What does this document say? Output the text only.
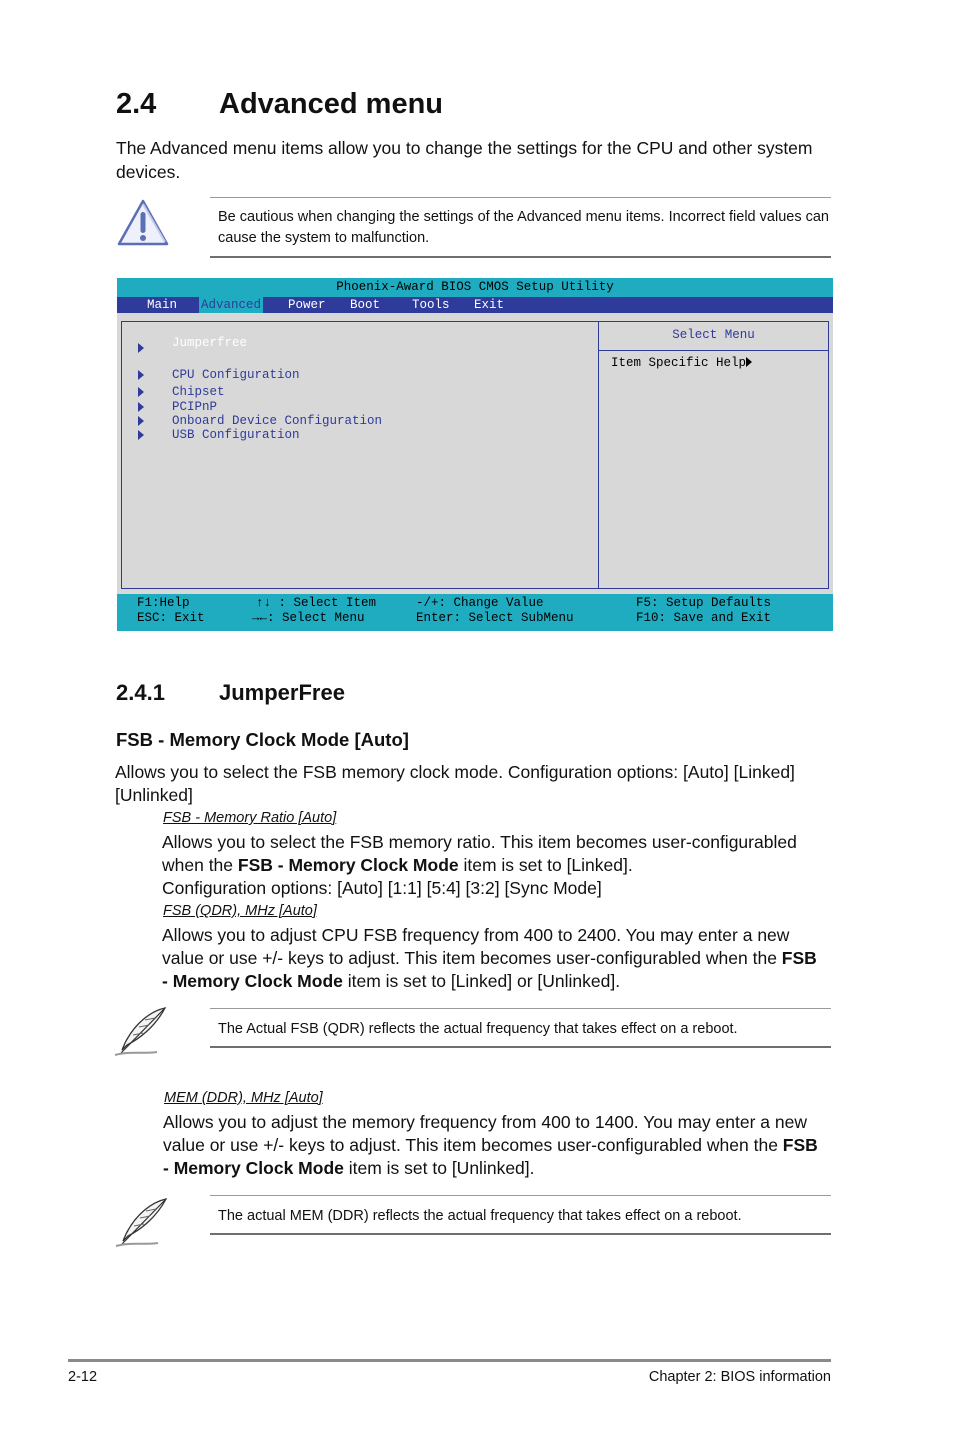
2.4 Advanced menu
The Advanced menu items allow you to change the settings for the CPU and other system devices.
Be cautious when changing the settings of the Advanced menu items. Incorrect field values can cause the system to malfunction.
Phoenix-Award BIOS CMOS Setup Utility
Main Advanced Power Boot	Tools Exit
Jumperfree
CPU Configuration
Chipset
PCIPnP
Onboard Device Configuration
USB Configuration
Select Menu
Item Specific Help
F1:Help
ESC: Exit
↑↓ : Select Item
→←: Select Menu
-/+: Change Value
Enter: Select SubMenu
F5: Setup Defaults
F10: Save and Exit
2.4.1 JumperFree
FSB - Memory Clock Mode [Auto]
Allows you to select the FSB memory clock mode. Configuration options: [Auto] [Linked] [Unlinked]
FSB - Memory Ratio [Auto]
Allows you to select the FSB memory ratio. This item becomes user-configurabled when the FSB - Memory Clock Mode item is set to [Linked].
Configuration options: [Auto] [1:1] [5:4] [3:2] [Sync Mode]
FSB (QDR), MHz [Auto]
Allows you to adjust CPU FSB frequency from 400 to 2400. You may enter a new value or use +/- keys to adjust. This item becomes user-configurabled when the FSB - Memory Clock Mode item is set to [Linked] or [Unlinked].
The Actual FSB (QDR) reflects the actual frequency that takes effect on a reboot.
MEM (DDR), MHz [Auto]
Allows you to adjust the memory frequency from 400 to 1400. You may enter a new value or use +/- keys to adjust. This item becomes user-configurabled when the FSB - Memory Clock Mode item is set to [Unlinked].
The actual MEM (DDR) reflects the actual frequency that takes effect on a reboot.
2-12	Chapter 2: BIOS information
